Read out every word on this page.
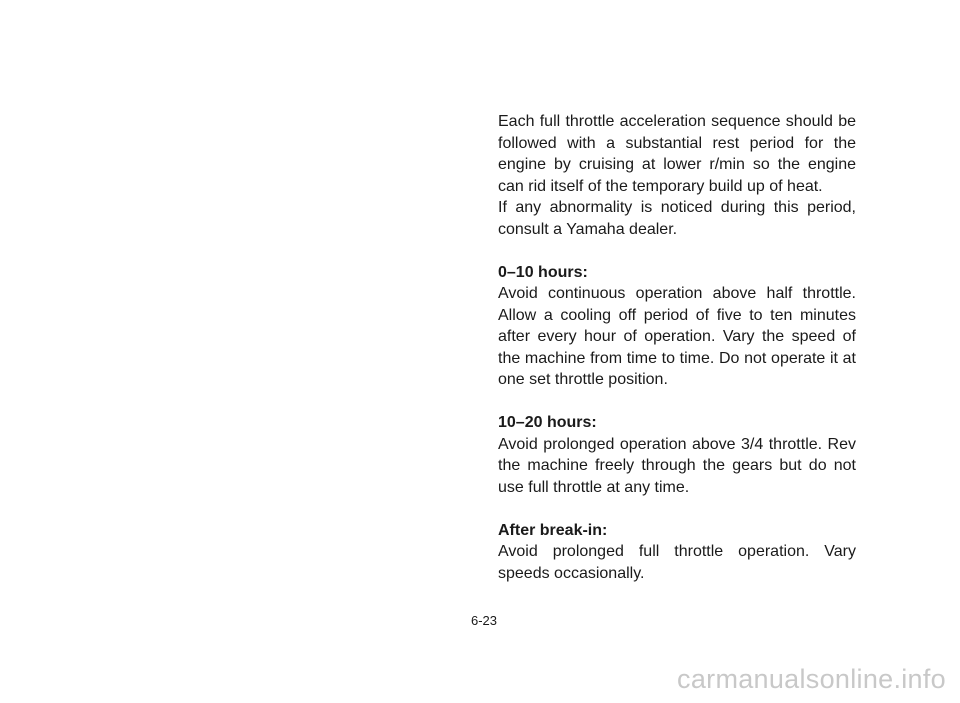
Each full throttle acceleration sequence should be followed with a substantial rest period for the engine by cruising at lower r/min so the engine can rid itself of the temporary build up of heat.

If any abnormality is noticed during this period, consult a Yamaha dealer.

0–10 hours:

Avoid continuous operation above half throttle. Allow a cooling off period of five to ten minutes after every hour of operation. Vary the speed of the machine from time to time. Do not operate it at one set throttle position.

10–20 hours:

Avoid prolonged operation above 3/4 throttle. Rev the machine freely through the gears but do not use full throttle at any time.

After break-in:

Avoid prolonged full throttle operation. Vary speeds occasionally.

6-23
carmanualsonline.info
